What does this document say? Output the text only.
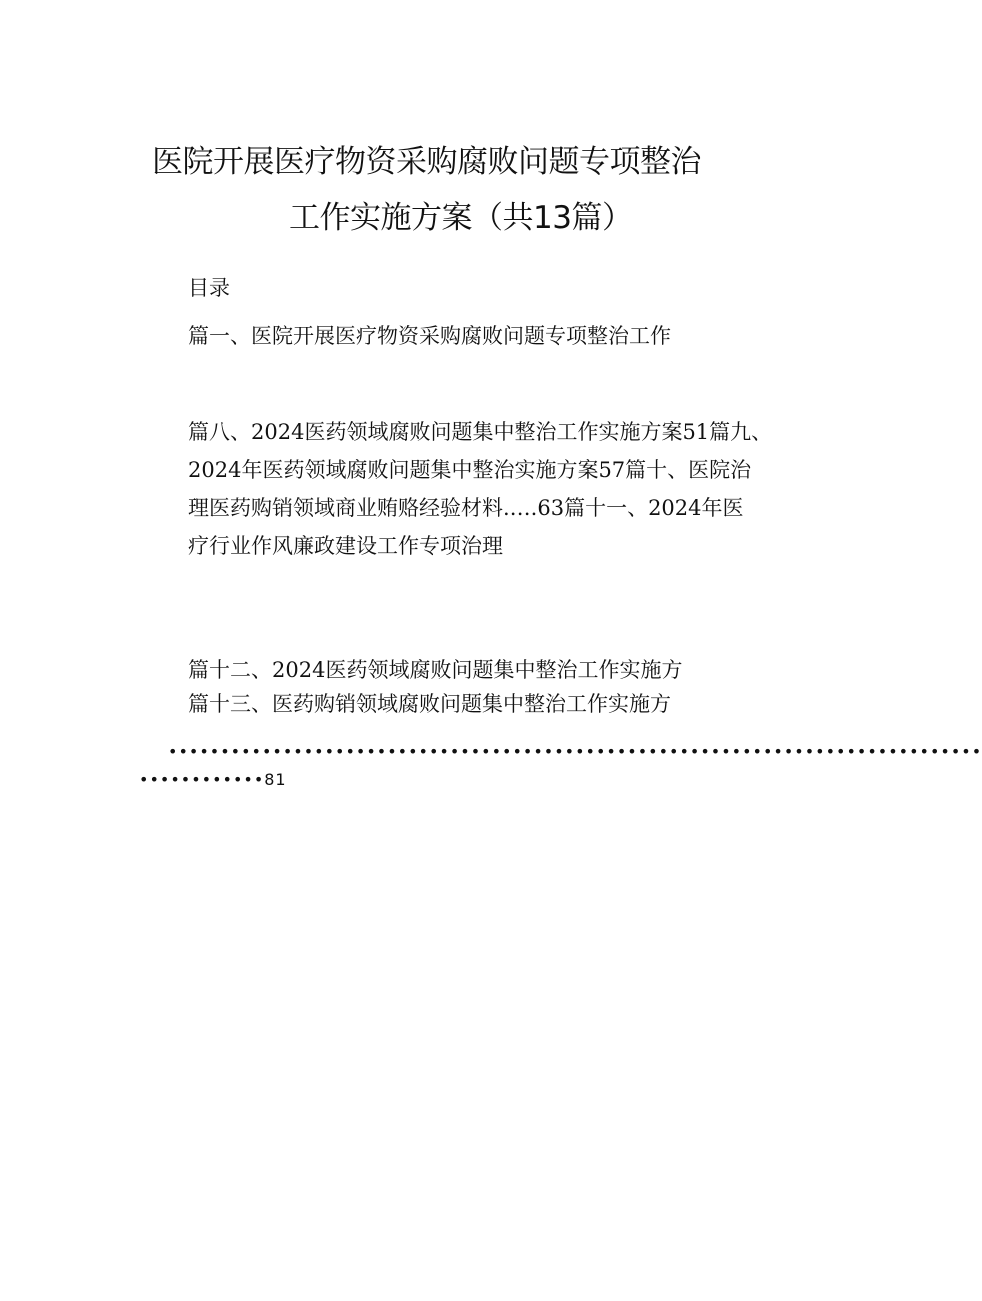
医院开展医疗物资采购腐败问题专项整治
工作实施方案（共13篇）
目录
篇一、医院开展医疗物资采购腐败问题专项整治工作
篇八、2024医药领域腐败问题集中整治工作实施方案51篇九、
2024年医药领域腐败问题集中整治实施方案57篇十、医院治
理医药购销领域商业贿赂经验材料.….63篇十一、2024年医
疗行业作风廉政建设工作专项治理
篇十二、2024医药领域腐败问题集中整治工作实施方
篇十三、医药购销领域腐败问题集中整治工作实施方
••••••••••••••••••••••••••••••••••••••••••••••••••••••••••••••••••••••••••••••
••••••••••••81
